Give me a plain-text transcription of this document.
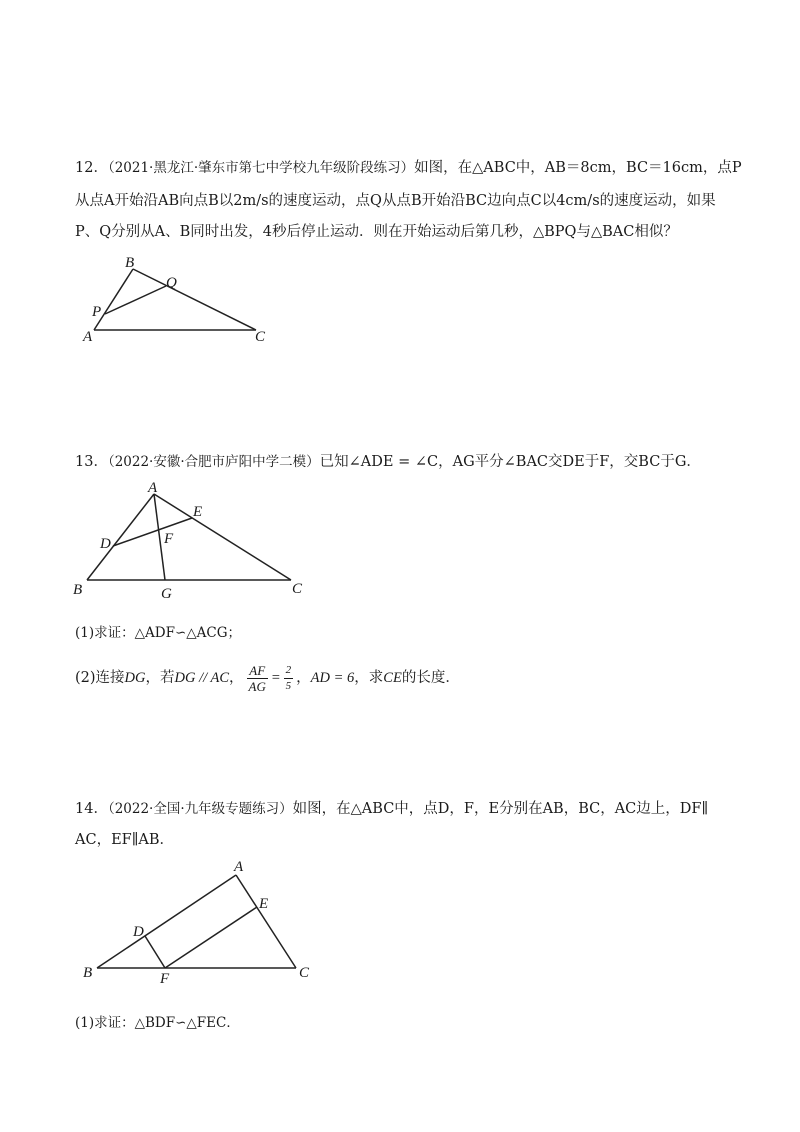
12．（2021·黑龙江·肇东市第七中学校九年级阶段练习）如图，在△ABC中，AB＝8cm，BC＝16cm，点P
从点A开始沿AB向点B以2m/s的速度运动，点Q从点B开始沿BC边向点C以4cm/s的速度运动，如果
P、Q分别从A、B同时出发，4秒后停止运动．则在开始运动后第几秒，△BPQ与△BAC相似？
B
Q
P
A	C
13．（2022·安徽·合肥市庐阳中学二模）已知∠ADE = ∠C，AG平分∠BAC交DE于F，交BC于G．
A
E
D	F
B	G	C
(1)求证：△ADF∽△ACG；
(2)连接DG，若DG // AC， $\frac{AF}{AG} = \frac{2}{5}$ ，AD = 6，求CE的长度．
14．（2022·全国·九年级专题练习）如图，在△ABC中，点D，F，E分别在AB，BC，AC边上，DF∥
AC，EF∥AB．
A
E
D
B	F	C
(1)求证：△BDF∽△FEC．
